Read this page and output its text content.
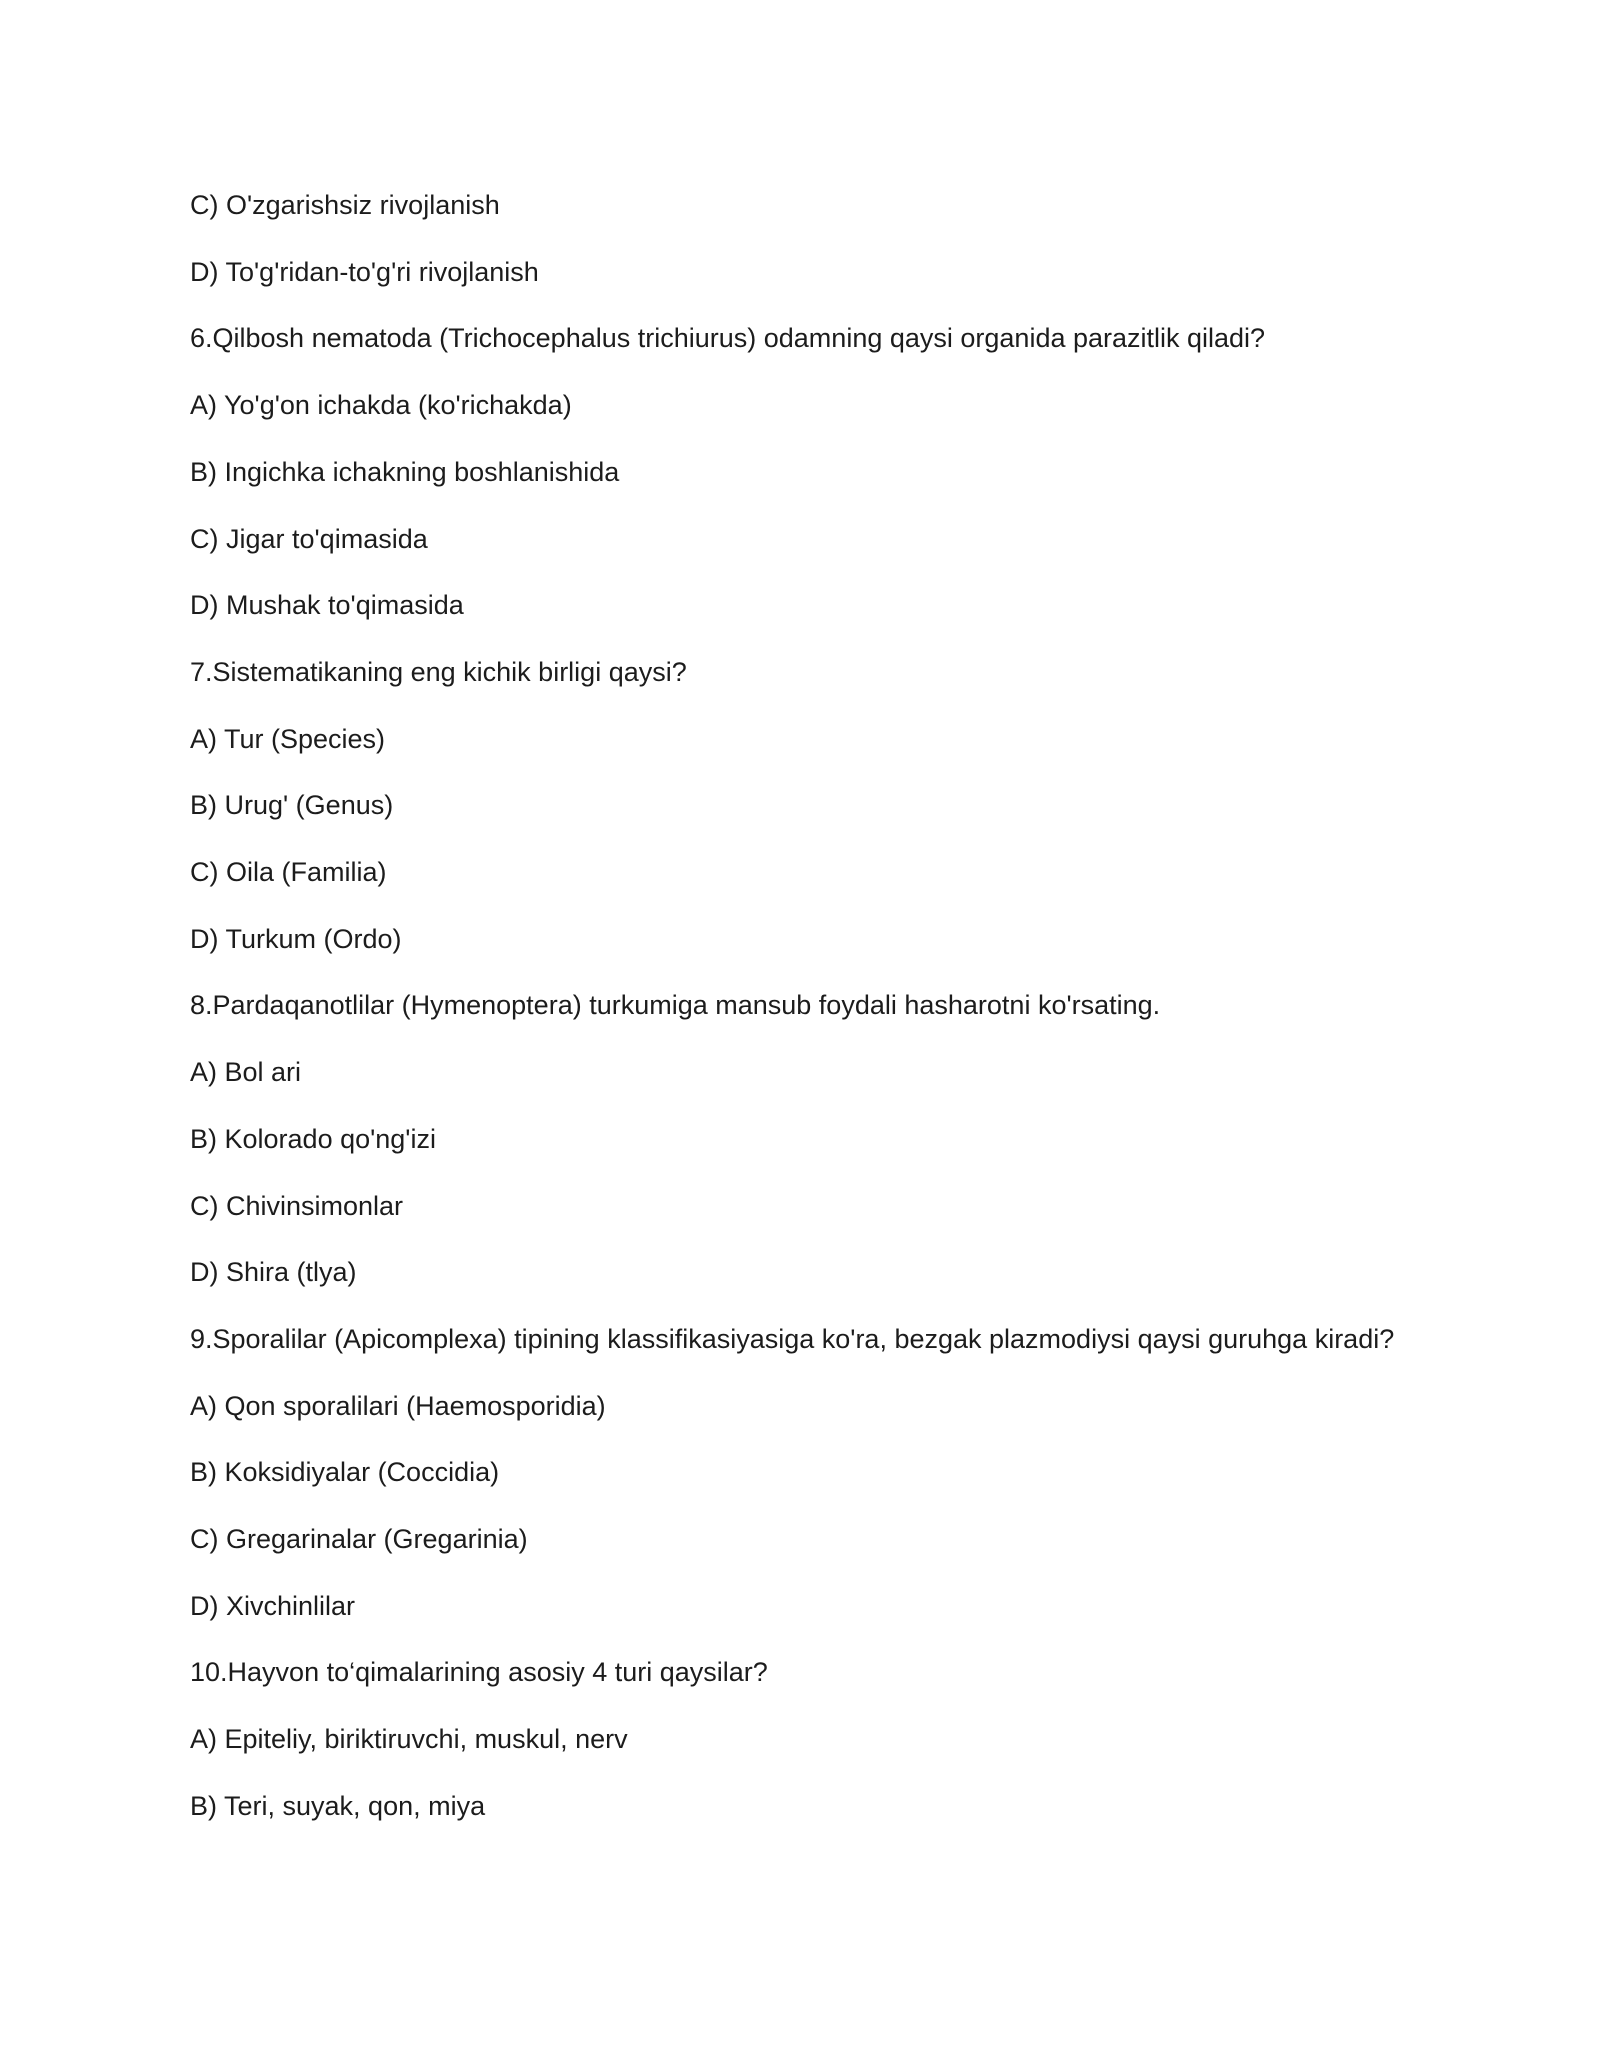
C) O'zgarishsiz rivojlanish
D) To'g'ridan-to'g'ri rivojlanish
6.Qilbosh nematoda (Trichocephalus trichiurus) odamning qaysi organida parazitlik qiladi?
A) Yo'g'on ichakda (ko'richakda)
B) Ingichka ichakning boshlanishida
C) Jigar to'qimasida
D) Mushak to'qimasida
7.Sistematikaning eng kichik birligi qaysi?
A) Tur (Species)
B) Urug' (Genus)
C) Oila (Familia)
D) Turkum (Ordo)
8.Pardaqanotlilar (Hymenoptera) turkumiga mansub foydali hasharotni ko'rsating.
A) Bol ari
B) Kolorado qo'ng'izi
C) Chivinsimonlar
D) Shira (tlya)
9.Sporalilar (Apicomplexa) tipining klassifikasiyasiga ko'ra, bezgak plazmodiysi qaysi guruhga kiradi?
A) Qon sporalilari (Haemosporidia)
B) Koksidiyalar (Coccidia)
C) Gregarinalar (Gregarinia)
D) Xivchinlilar
10.Hayvon to‘qimalarining asosiy 4 turi qaysilar?
A) Epiteliy, biriktiruvchi, muskul, nerv
B) Teri, suyak, qon, miya
